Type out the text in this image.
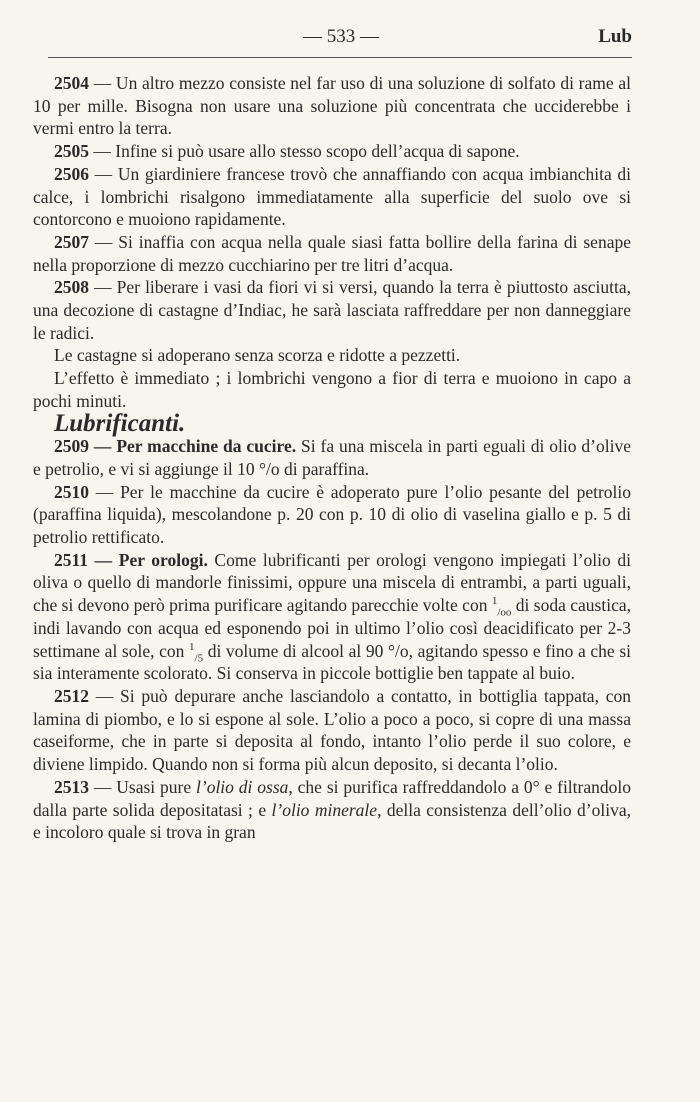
— 533 —	Lub

2504 — Un altro mezzo consiste nel far uso di una soluzione di solfato di rame al 10 per mille. Bisogna non usare una soluzione più concentrata che ucciderebbe i vermi entro la terra.

2505 — Infine si può usare allo stesso scopo dell’acqua di sapone.

2506 — Un giardiniere francese trovò che annaffiando con acqua imbianchita di calce, i lombrichi risalgono immediatamente alla superficie del suolo ove si contorcono e muoiono rapidamente.

2507 — Si inaffia con acqua nella quale siasi fatta bollire della farina di senape nella proporzione di mezzo cucchiarino per tre litri d’acqua.

2508 — Per liberare i vasi da fiori vi si versi, quando la terra è piuttosto asciutta, una decozione di castagne d’Indiac, he sarà lasciata raffreddare per non danneggiare le radici.

Le castagne si adoperano senza scorza e ridotte a pezzetti.

L’effetto è immediato ; i lombrichi vengono a fior di terra e muoiono in capo a pochi minuti.

Lubrificanti.

2509 — Per macchine da cucire. Si fa una miscela in parti eguali di olio d’olive e petrolio, e vi si aggiunge il 10 °/o di paraffina.

2510 — Per le macchine da cucire è adoperato pure l’olio pesante del petrolio (paraffina liquida), mescolandone p. 20 con p. 10 di olio di vaselina giallo e p. 5 di petrolio rettificato.

2511 — Per orologi. Come lubrificanti per orologi vengono impiegati l’olio di oliva o quello di mandorle finissimi, oppure una miscela di entrambi, a parti uguali, che si devono però prima purificare agitando parecchie volte con $^1_{/oo}$ di soda caustica, indi lavando con acqua ed esponendo poi in ultimo l’olio così deacidificato per 2-3 settimane al sole, con $^1_{/5}$ di volume di alcool al 90 °/o, agitando spesso e fino a che si sia interamente scolorato. Si conserva in piccole bottiglie ben tappate al buio.

2512 — Si può depurare anche lasciandolo a contatto, in bottiglia tappata, con lamina di piombo, e lo si espone al sole. L’olio a poco a poco, si copre di una massa caseiforme, che in parte si deposita al fondo, intanto l’olio perde il suo colore, e diviene limpido. Quando non si forma più alcun deposito, si decanta l’olio.

2513 — Usasi pure l’olio di ossa, che si purifica raffreddandolo a 0° e filtrandolo dalla parte solida depositatasi ; e l’olio minerale, della consistenza dell’olio d’oliva, e incoloro quale si trova in gran
